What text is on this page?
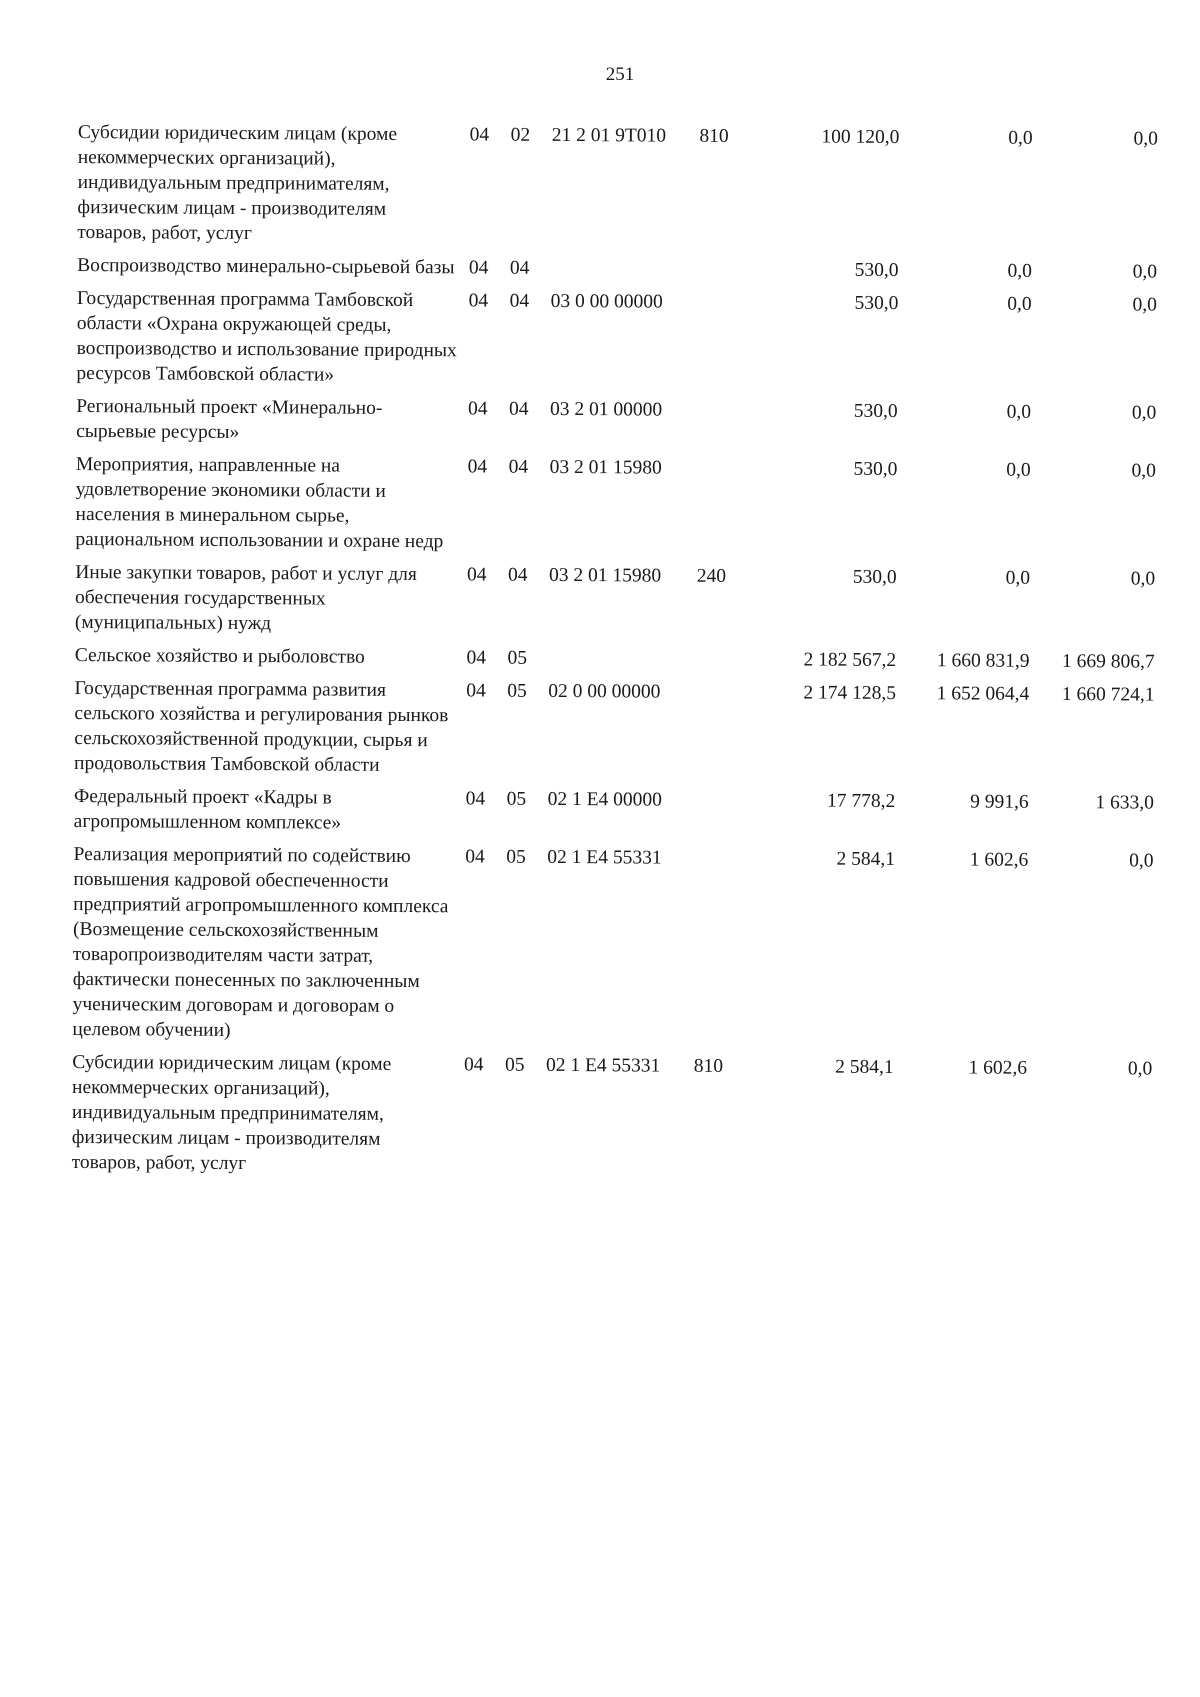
251
Субсидии юридическим лицам (кроме некоммерческих организаций), индивидуальным предпринимателям, физическим лицам - производителям товаров, работ, услуг	04	02	21 2 01 9Т010	810	100 120,0	0,0	0,0
Воспроизводство минерально-сырьевой базы	04	04			530,0	0,0	0,0
Государственная программа Тамбовской области «Охрана окружающей среды, воспроизводство и использование природных ресурсов Тамбовской области»	04	04	03 0 00 00000		530,0	0,0	0,0
Региональный проект «Минерально-сырьевые ресурсы»	04	04	03 2 01 00000		530,0	0,0	0,0
Мероприятия, направленные на удовлетворение экономики области и населения в минеральном сырье, рациональном использовании и охране недр	04	04	03 2 01 15980		530,0	0,0	0,0
Иные закупки товаров, работ и услуг для обеспечения государственных (муниципальных) нужд	04	04	03 2 01 15980	240	530,0	0,0	0,0
Сельское хозяйство и рыболовство	04	05			2 182 567,2	1 660 831,9	1 669 806,7
Государственная программа развития сельского хозяйства и регулирования рынков сельскохозяйственной продукции, сырья и продовольствия Тамбовской области	04	05	02 0 00 00000		2 174 128,5	1 652 064,4	1 660 724,1
Федеральный проект «Кадры в агропромышленном комплексе»	04	05	02 1 Е4 00000		17 778,2	9 991,6	1 633,0
Реализация мероприятий по содействию повышения кадровой обеспеченности предприятий агропромышленного комплекса (Возмещение сельскохозяйственным товаропроизводителям части затрат, фактически понесенных по заключенным ученическим договорам и договорам о целевом обучении)	04	05	02 1 Е4 55331		2 584,1	1 602,6	0,0
Субсидии юридическим лицам (кроме некоммерческих организаций), индивидуальным предпринимателям, физическим лицам - производителям товаров, работ, услуг	04	05	02 1 Е4 55331	810	2 584,1	1 602,6	0,0
